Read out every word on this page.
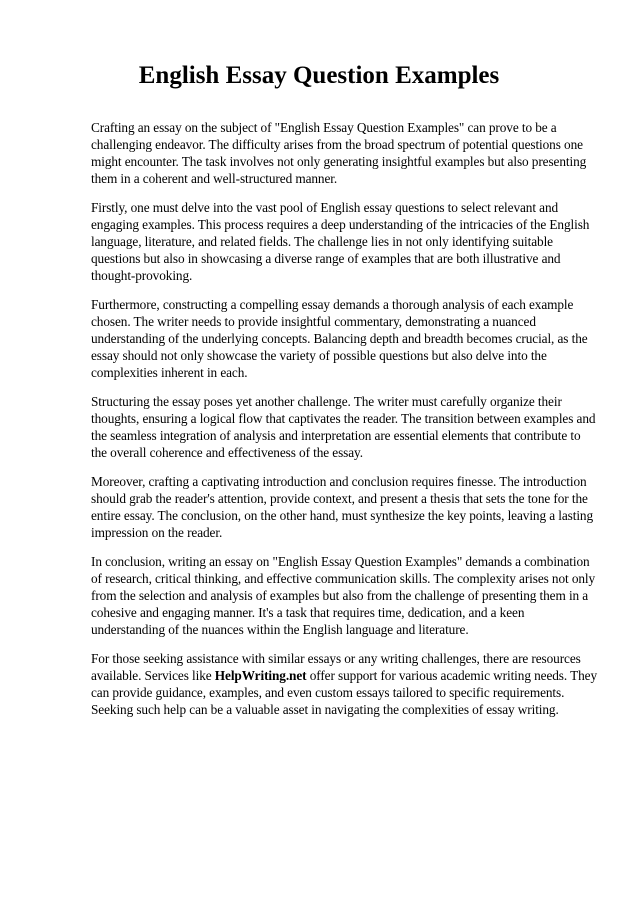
English Essay Question Examples

Crafting an essay on the subject of "English Essay Question Examples" can prove to be a challenging endeavor. The difficulty arises from the broad spectrum of potential questions one might encounter. The task involves not only generating insightful examples but also presenting them in a coherent and well-structured manner.

Firstly, one must delve into the vast pool of English essay questions to select relevant and engaging examples. This process requires a deep understanding of the intricacies of the English language, literature, and related fields. The challenge lies in not only identifying suitable questions but also in showcasing a diverse range of examples that are both illustrative and thought-provoking.

Furthermore, constructing a compelling essay demands a thorough analysis of each example chosen. The writer needs to provide insightful commentary, demonstrating a nuanced understanding of the underlying concepts. Balancing depth and breadth becomes crucial, as the essay should not only showcase the variety of possible questions but also delve into the complexities inherent in each.

Structuring the essay poses yet another challenge. The writer must carefully organize their thoughts, ensuring a logical flow that captivates the reader. The transition between examples and the seamless integration of analysis and interpretation are essential elements that contribute to the overall coherence and effectiveness of the essay.

Moreover, crafting a captivating introduction and conclusion requires finesse. The introduction should grab the reader's attention, provide context, and present a thesis that sets the tone for the entire essay. The conclusion, on the other hand, must synthesize the key points, leaving a lasting impression on the reader.

In conclusion, writing an essay on "English Essay Question Examples" demands a combination of research, critical thinking, and effective communication skills. The complexity arises not only from the selection and analysis of examples but also from the challenge of presenting them in a cohesive and engaging manner. It's a task that requires time, dedication, and a keen understanding of the nuances within the English language and literature.

For those seeking assistance with similar essays or any writing challenges, there are resources available. Services like HelpWriting.net offer support for various academic writing needs. They can provide guidance, examples, and even custom essays tailored to specific requirements. Seeking such help can be a valuable asset in navigating the complexities of essay writing.
